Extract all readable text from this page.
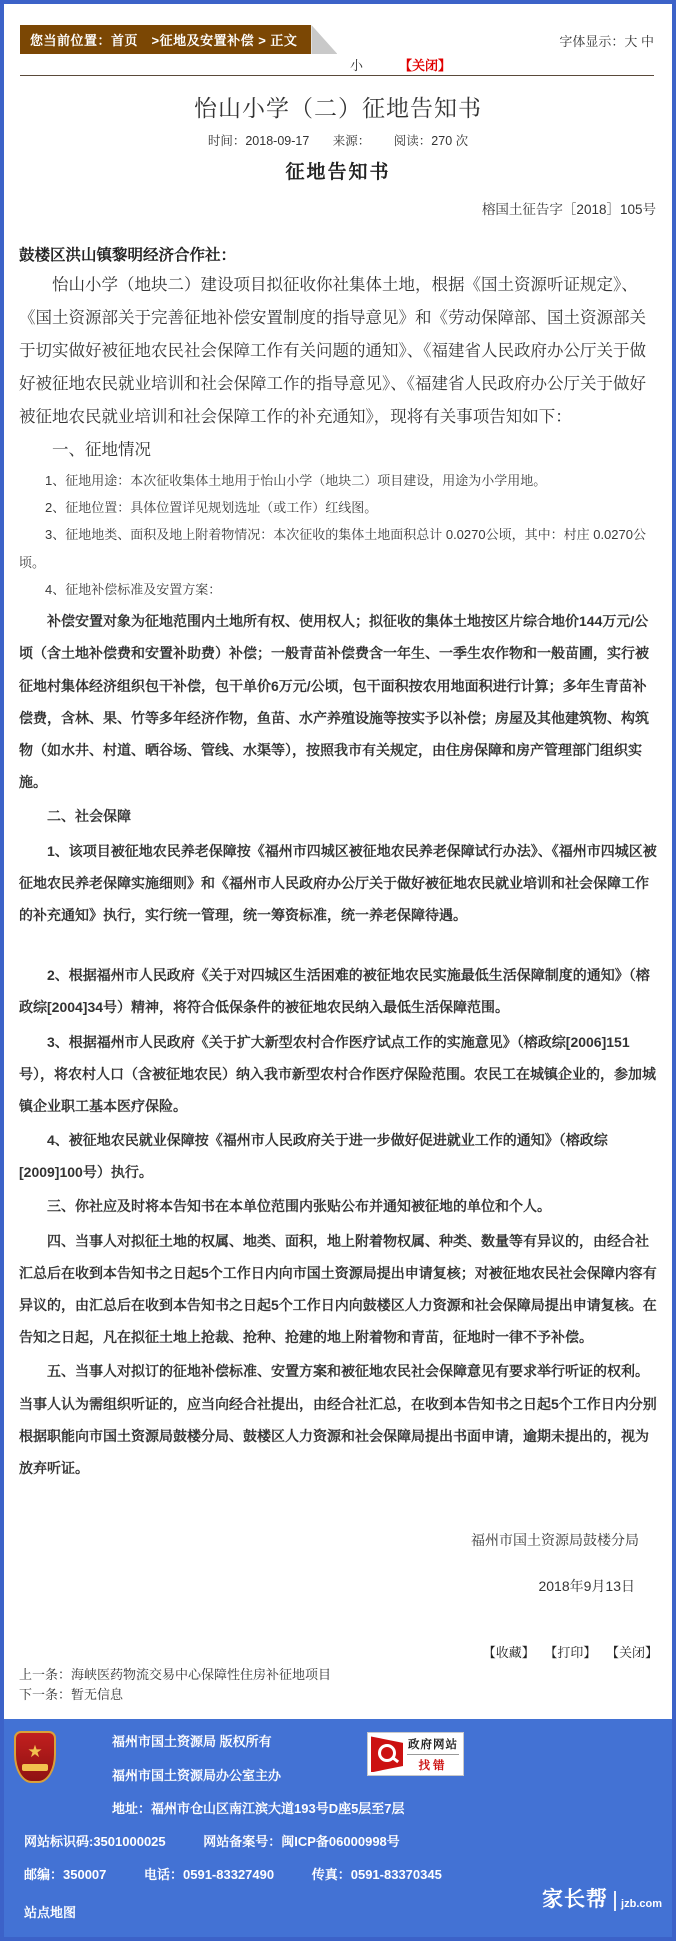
您当前位置：首页　>征地及安置补偿 > 正文	字体显示：大 中
小	【关闭】
怡山小学（二）征地告知书
时间：2018-09-17 来源： 阅读：270 次
征地告知书
榕国土征告字［2018］105号
鼓楼区洪山镇黎明经济合作社：
怡山小学（地块二）建设项目拟征收你社集体土地，根据《国土资源听证规定》、《国土资源部关于完善征地补偿安置制度的指导意见》和《劳动保障部、国土资源部关于切实做好被征地农民社会保障工作有关问题的通知》、《福建省人民政府办公厅关于做好被征地农民就业培训和社会保障工作的指导意见》、《福建省人民政府办公厅关于做好被征地农民就业培训和社会保障工作的补充通知》，现将有关事项告知如下：
一、征地情况
1、征地用途：本次征收集体土地用于怡山小学（地块二）项目建设，用途为小学用地。
2、征地位置：具体位置详见规划选址（或工作）红线图。
3、征地地类、面积及地上附着物情况：本次征收的集体土地面积总计 0.0270公顷，其中：村庄 0.0270公顷。
4、征地补偿标准及安置方案：
补偿安置对象为征地范围内土地所有权、使用权人；拟征收的集体土地按区片综合地价144万元/公顷（含土地补偿费和安置补助费）补偿；一般青苗补偿费含一年生、一季生农作物和一般苗圃，实行被征地村集体经济组织包干补偿，包干单价6万元/公顷，包干面积按农用地面积进行计算；多年生青苗补偿费，含林、果、竹等多年经济作物，鱼苗、水产养殖设施等按实予以补偿；房屋及其他建筑物、构筑物（如水井、村道、晒谷场、管线、水渠等），按照我市有关规定，由住房保障和房产管理部门组织实施。
二、社会保障
1、该项目被征地农民养老保障按《福州市四城区被征地农民养老保障试行办法》、《福州市四城区被征地农民养老保障实施细则》和《福州市人民政府办公厅关于做好被征地农民就业培训和社会保障工作的补充通知》执行，实行统一管理，统一筹资标准，统一养老保障待遇。
2、根据福州市人民政府《关于对四城区生活困难的被征地农民实施最低生活保障制度的通知》（榕政综[2004]34号）精神，将符合低保条件的被征地农民纳入最低生活保障范围。
3、根据福州市人民政府《关于扩大新型农村合作医疗试点工作的实施意见》（榕政综[2006]151号），将农村人口（含被征地农民）纳入我市新型农村合作医疗保险范围。农民工在城镇企业的，参加城镇企业职工基本医疗保险。
4、被征地农民就业保障按《福州市人民政府关于进一步做好促进就业工作的通知》（榕政综[2009]100号）执行。
三、你社应及时将本告知书在本单位范围内张贴公布并通知被征地的单位和个人。
四、当事人对拟征土地的权属、地类、面积，地上附着物权属、种类、数量等有异议的，由经合社汇总后在收到本告知书之日起5个工作日内向市国土资源局提出申请复核；对被征地农民社会保障内容有异议的，由汇总后在收到本告知书之日起5个工作日内向鼓楼区人力资源和社会保障局提出申请复核。在告知之日起，凡在拟征土地上抢裁、抢种、抢建的地上附着物和青苗，征地时一律不予补偿。
五、当事人对拟订的征地补偿标准、安置方案和被征地农民社会保障意见有要求举行听证的权利。当事人认为需组织听证的，应当向经合社提出，由经合社汇总，在收到本告知书之日起5个工作日内分别根据职能向市国土资源局鼓楼分局、鼓楼区人力资源和社会保障局提出书面申请，逾期未提出的，视为放弃听证。
福州市国土资源局鼓楼分局
2018年9月13日
【收藏】 【打印】 【关闭】
上一条：海峡医药物流交易中心保障性住房补征地项目
下一条：暂无信息
★
福州市国土资源局 版权所有
福州市国土资源局办公室主办
地址：福州市仓山区南江滨大道193号D座5层至7层
网站标识码:3501000025	网站备案号：闽ICP备06000998号
邮编：350007	电话：0591-83327490	传真：0591-83370345
站点地图
政府网站
找错
家长帮 jzb.com
